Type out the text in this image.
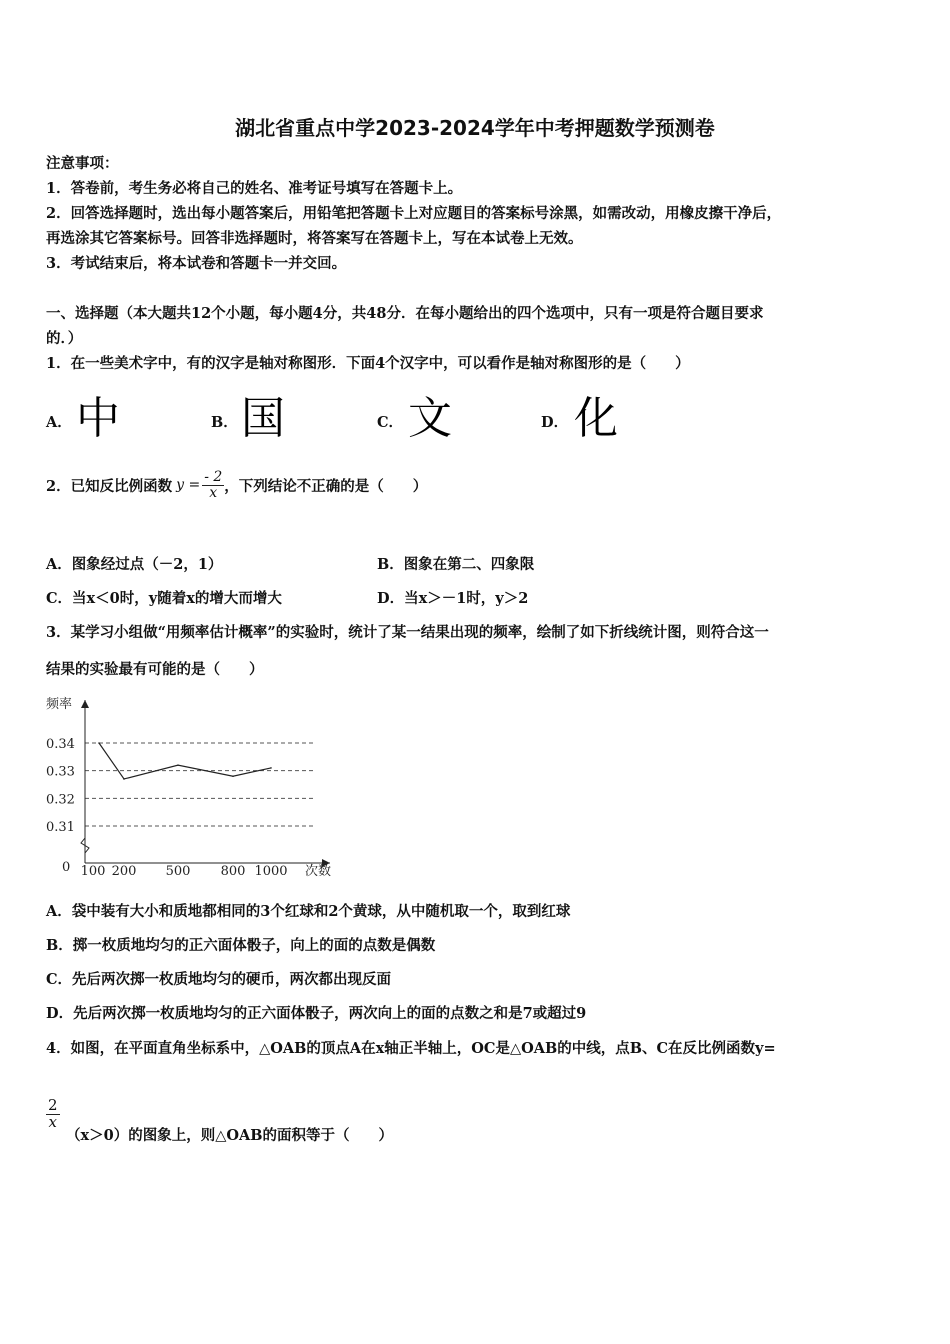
湖北省重点中学2023-2024学年中考押题数学预测卷
注意事项：
1．答卷前，考生务必将自己的姓名、准考证号填写在答题卡上。
2．回答选择题时，选出每小题答案后，用铅笔把答题卡上对应题目的答案标号涂黑，如需改动，用橡皮擦干净后，
再选涂其它答案标号。回答非选择题时，将答案写在答题卡上，写在本试卷上无效。
3．考试结束后，将本试卷和答题卡一并交回。
一、选择题（本大题共12个小题，每小题4分，共48分．在每小题给出的四个选项中，只有一项是符合题目要求
的．）
1．在一些美术字中，有的汉字是轴对称图形．下面4个汉字中，可以看作是轴对称图形的是（　　）
A． 中	B． 国	C． 文	D． 化
2．已知反比例函数 $y = \frac{- 2}{x}$ ，下列结论不正确的是（　　）
A．图象经过点（－2，1）	B．图象在第二、四象限
C．当x＜0时，y随着x的增大而增大	D．当x＞－1时，y＞2
3．某学习小组做“用频率估计概率”的实验时，统计了某一结果出现的频率，绘制了如下折线统计图，则符合这一
结果的实验最有可能的是（　　）
0.31
0.32
0.33
0.34
频率
次数
0 100 200 500 800 1000
A．袋中装有大小和质地都相同的3个红球和2个黄球，从中随机取一个，取到红球
B．掷一枚质地均匀的正六面体骰子，向上的面的点数是偶数
C．先后两次掷一枚质地均匀的硬币，两次都出现反面
D．先后两次掷一枚质地均匀的正六面体骰子，两次向上的面的点数之和是7或超过9
4．如图，在平面直角坐标系中，△OAB的顶点A在x轴正半轴上，OC是△OAB的中线，点B、C在反比例函数y=
$\frac{2}{x}$
（x＞0）的图象上，则△OAB的面积等于（　　）
